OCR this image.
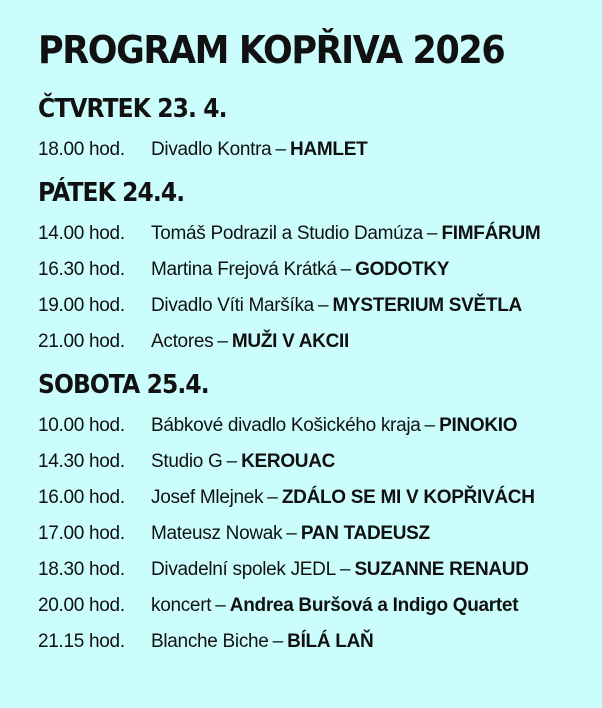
PROGRAM KOPŘIVA 2026
ČTVRTEK 23. 4.
18.00 hod.	Divadlo Kontra – HAMLET
PÁTEK 24.4.
14.00 hod.	Tomáš Podrazil a Studio Damúza – FIMFÁRUM
16.30 hod.	Martina Frejová Krátká – GODOTKY
19.00 hod.	Divadlo Víti Maršíka – MYSTERIUM SVĚTLA
21.00 hod.	Actores – MUŽI V AKCII
SOBOTA 25.4.
10.00 hod.	Bábkové divadlo Košického kraja – PINOKIO
14.30 hod.	Studio G – KEROUAC
16.00 hod.	Josef Mlejnek – ZDÁLO SE MI V KOPŘIVÁCH
17.00 hod.	Mateusz Nowak – PAN TADEUSZ
18.30 hod.	Divadelní spolek JEDL – SUZANNE RENAUD
20.00 hod.	koncert – Andrea Buršová a Indigo Quartet
21.15 hod.	Blanche Biche – BÍLÁ LAŇ
